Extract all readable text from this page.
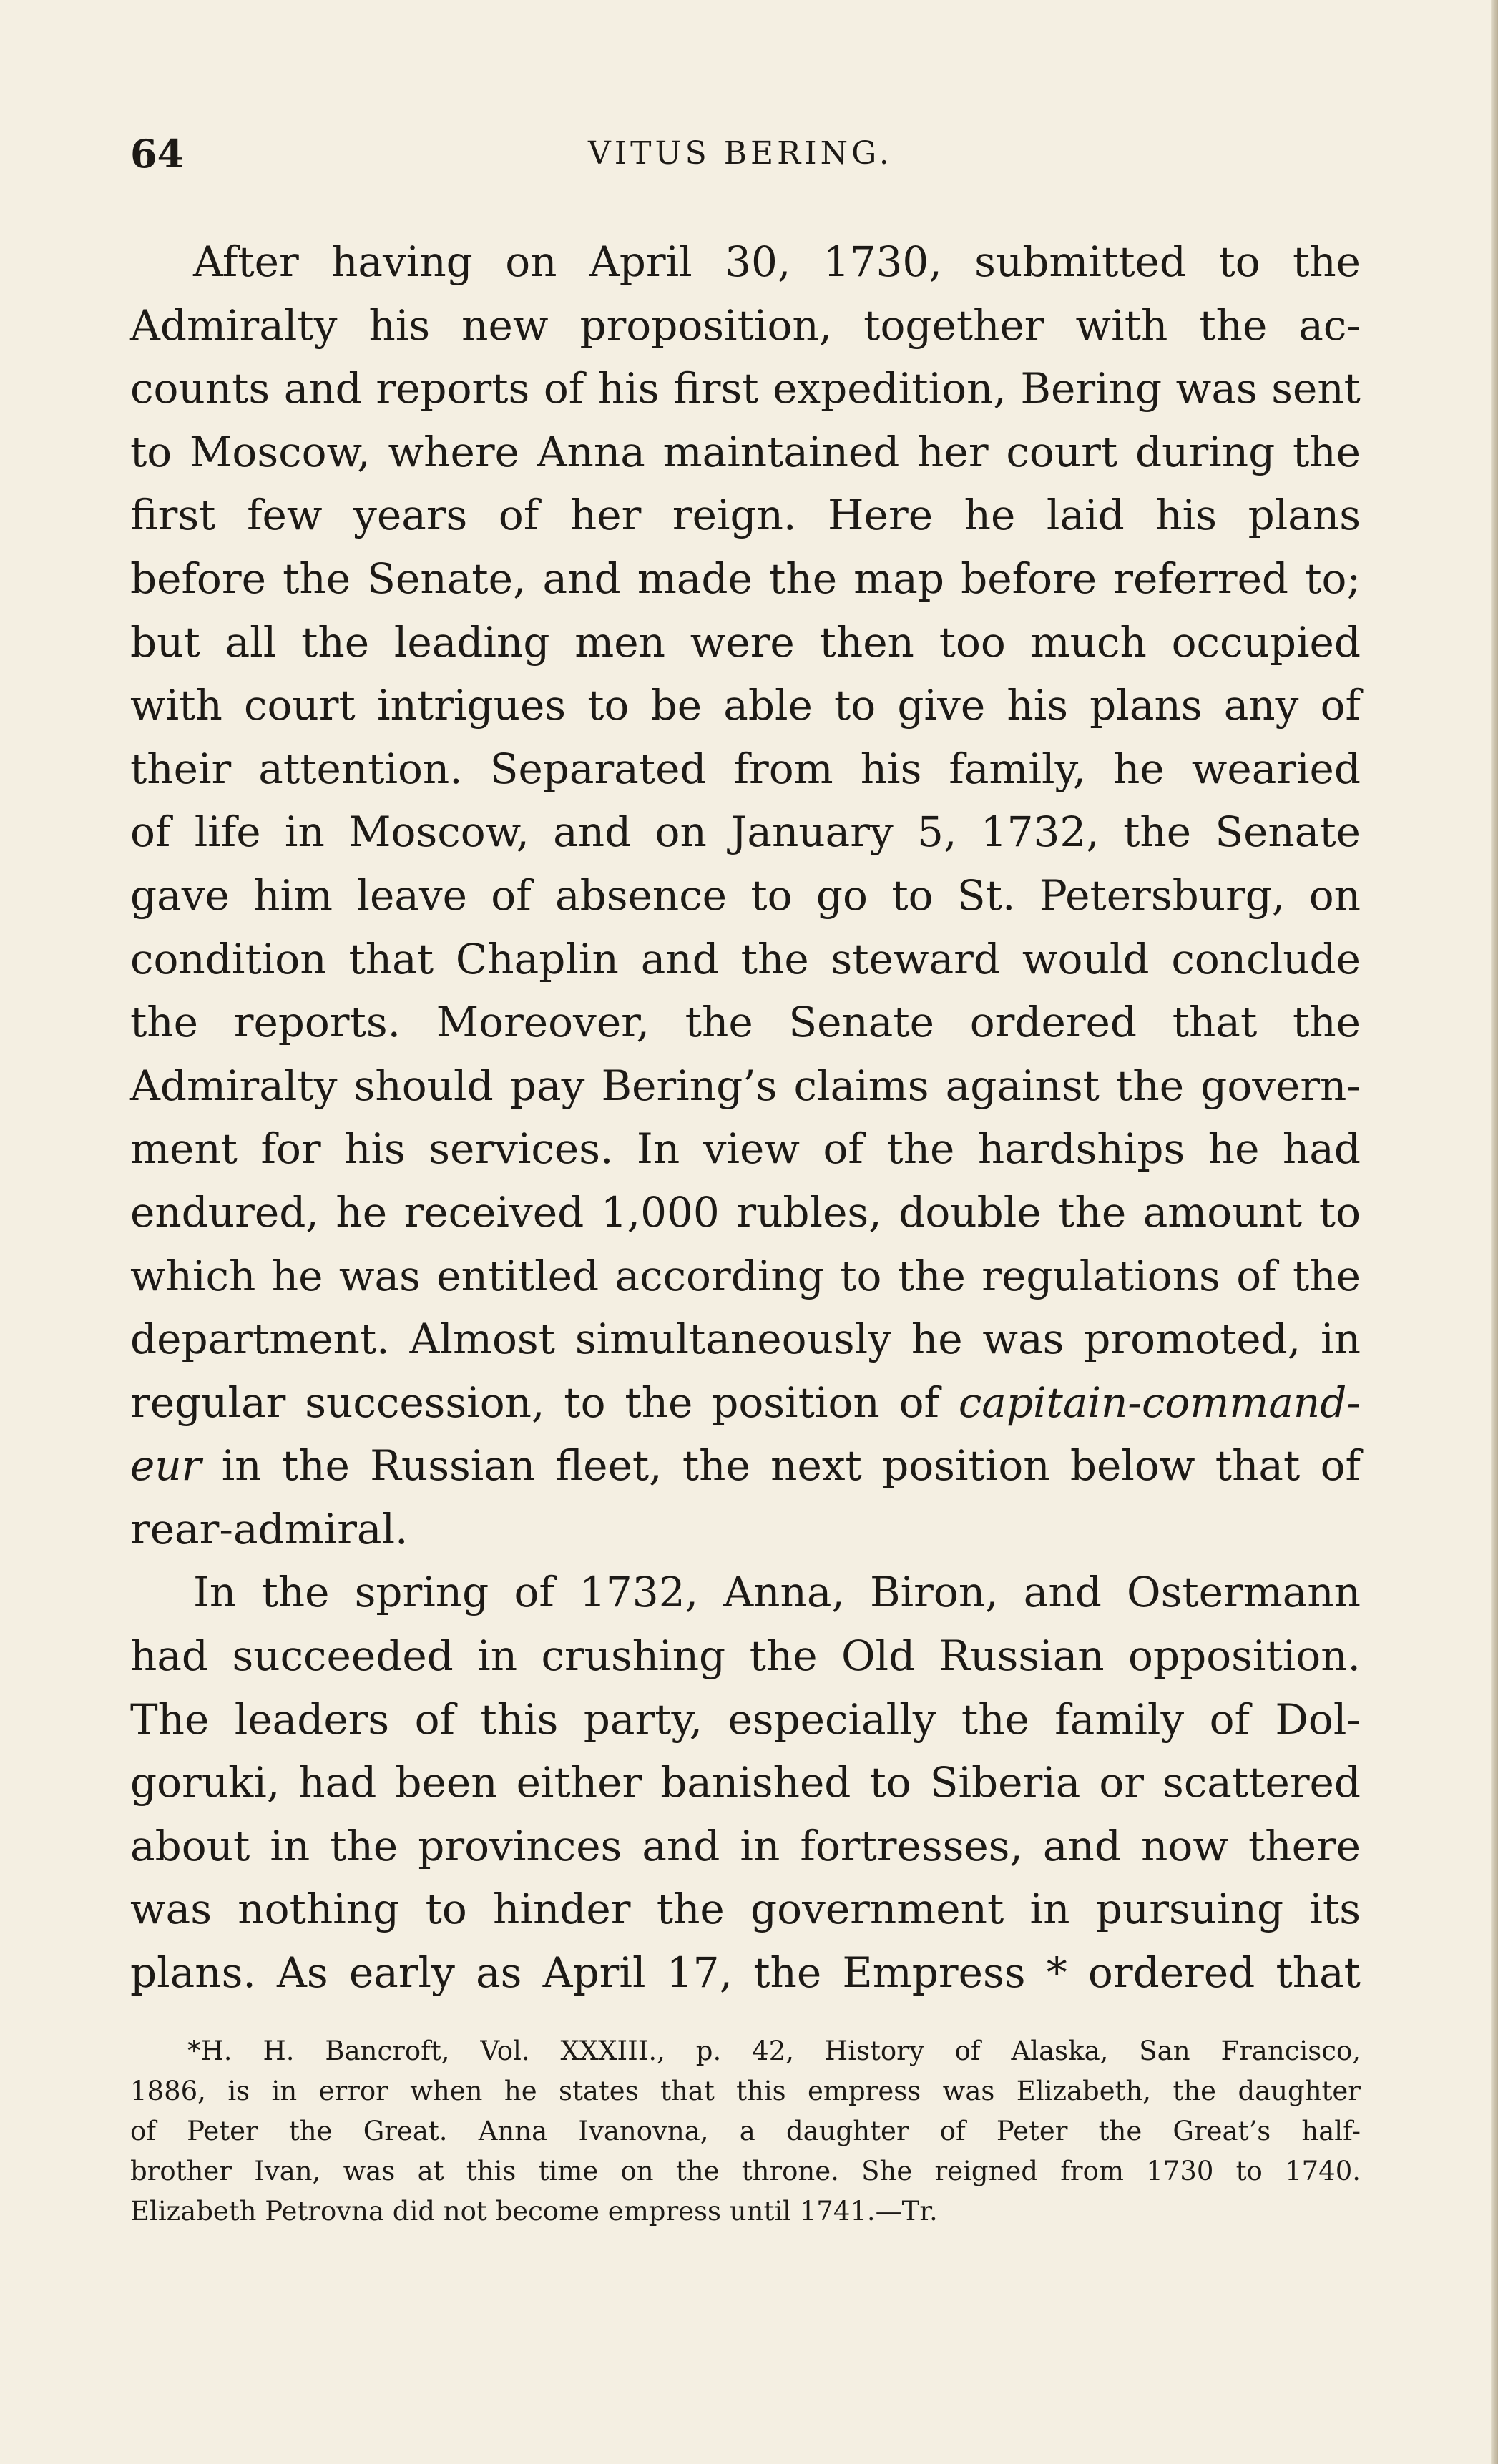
64	VITUS BERING.
After having on April 30, 1730, submitted to the
Admiralty his new proposition, together with the ac-
counts and reports of his first expedition, Bering was sent
to Moscow, where Anna maintained her court during the
first few years of her reign. Here he laid his plans
before the Senate, and made the map before referred to;
but all the leading men were then too much occupied
with court intrigues to be able to give his plans any of
their attention. Separated from his family, he wearied
of life in Moscow, and on January 5, 1732, the Senate
gave him leave of absence to go to St. Petersburg, on
condition that Chaplin and the steward would conclude
the reports. Moreover, the Senate ordered that the
Admiralty should pay Bering’s claims against the govern-
ment for his services. In view of the hardships he had
endured, he received 1,000 rubles, double the amount to
which he was entitled according to the regulations of the
department. Almost simultaneously he was promoted, in
regular succession, to the position of capitain-command-
eur in the Russian fleet, the next position below that of
rear-admiral.
In the spring of 1732, Anna, Biron, and Ostermann
had succeeded in crushing the Old Russian opposition.
The leaders of this party, especially the family of Dol-
goruki, had been either banished to Siberia or scattered
about in the provinces and in fortresses, and now there
was nothing to hinder the government in pursuing its
plans. As early as April 17, the Empress * ordered that
*H. H. Bancroft, Vol. XXXIII., p. 42, History of Alaska, San Francisco,
1886, is in error when he states that this empress was Elizabeth, the daughter
of Peter the Great. Anna Ivanovna, a daughter of Peter the Great’s half-
brother Ivan, was at this time on the throne. She reigned from 1730 to 1740.
Elizabeth Petrovna did not become empress until 1741.—Tr.
